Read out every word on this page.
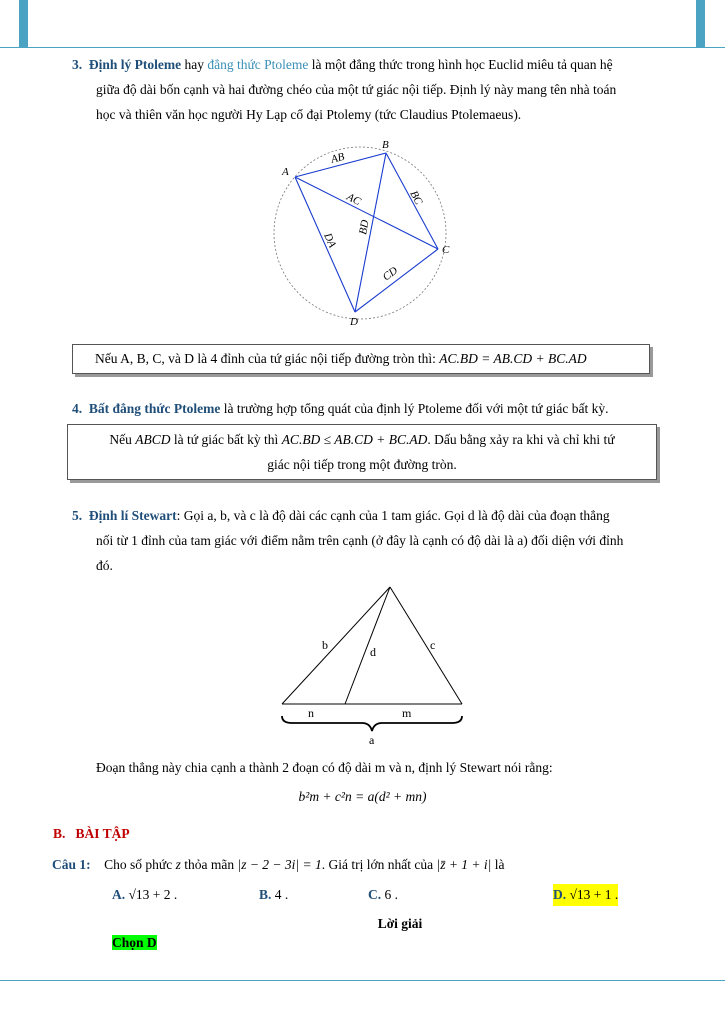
3. Định lý Ptoleme hay đẳng thức Ptoleme là một đẳng thức trong hình học Euclid miêu tả quan hệ
giữa độ dài bốn cạnh và hai đường chéo của một tứ giác nội tiếp. Định lý này mang tên nhà toán
học và thiên văn học người Hy Lạp cổ đại Ptolemy (tức Claudius Ptolemaeus).
A
B
C
D
AB
BC
CD
DA
AC
BD
Nếu A, B, C, và D là 4 đỉnh của tứ giác nội tiếp đường tròn thì: AC.BD = AB.CD + BC.AD
4. Bất đẳng thức Ptoleme là trường hợp tổng quát của định lý Ptoleme đối với một tứ giác bất kỳ.
Nếu ABCD là tứ giác bất kỳ thì AC.BD ≤ AB.CD + BC.AD. Dấu bằng xảy ra khi và chỉ khi tứ
giác nội tiếp trong một đường tròn.
5. Định lí Stewart: Gọi a, b, và c là độ dài các cạnh của 1 tam giác. Gọi d là độ dài của đoạn thẳng
nối từ 1 đỉnh của tam giác với điểm nằm trên cạnh (ở đây là cạnh có độ dài là a) đối diện với đỉnh
đó.
b	c
d
n	m
a
Đoạn thẳng này chia cạnh a thành 2 đoạn có độ dài m và n, định lý Stewart nói rằng:
b²m + c²n = a(d² + mn)
B. BÀI TẬP
Câu 1: Cho số phức z thỏa mãn |z − 2 − 3i| = 1. Giá trị lớn nhất của |z̄ + 1 + i| là
A. √13 + 2 .	B. 4 .	C. 6 .	D. √13 + 1 .
Lời giải
Chọn D
